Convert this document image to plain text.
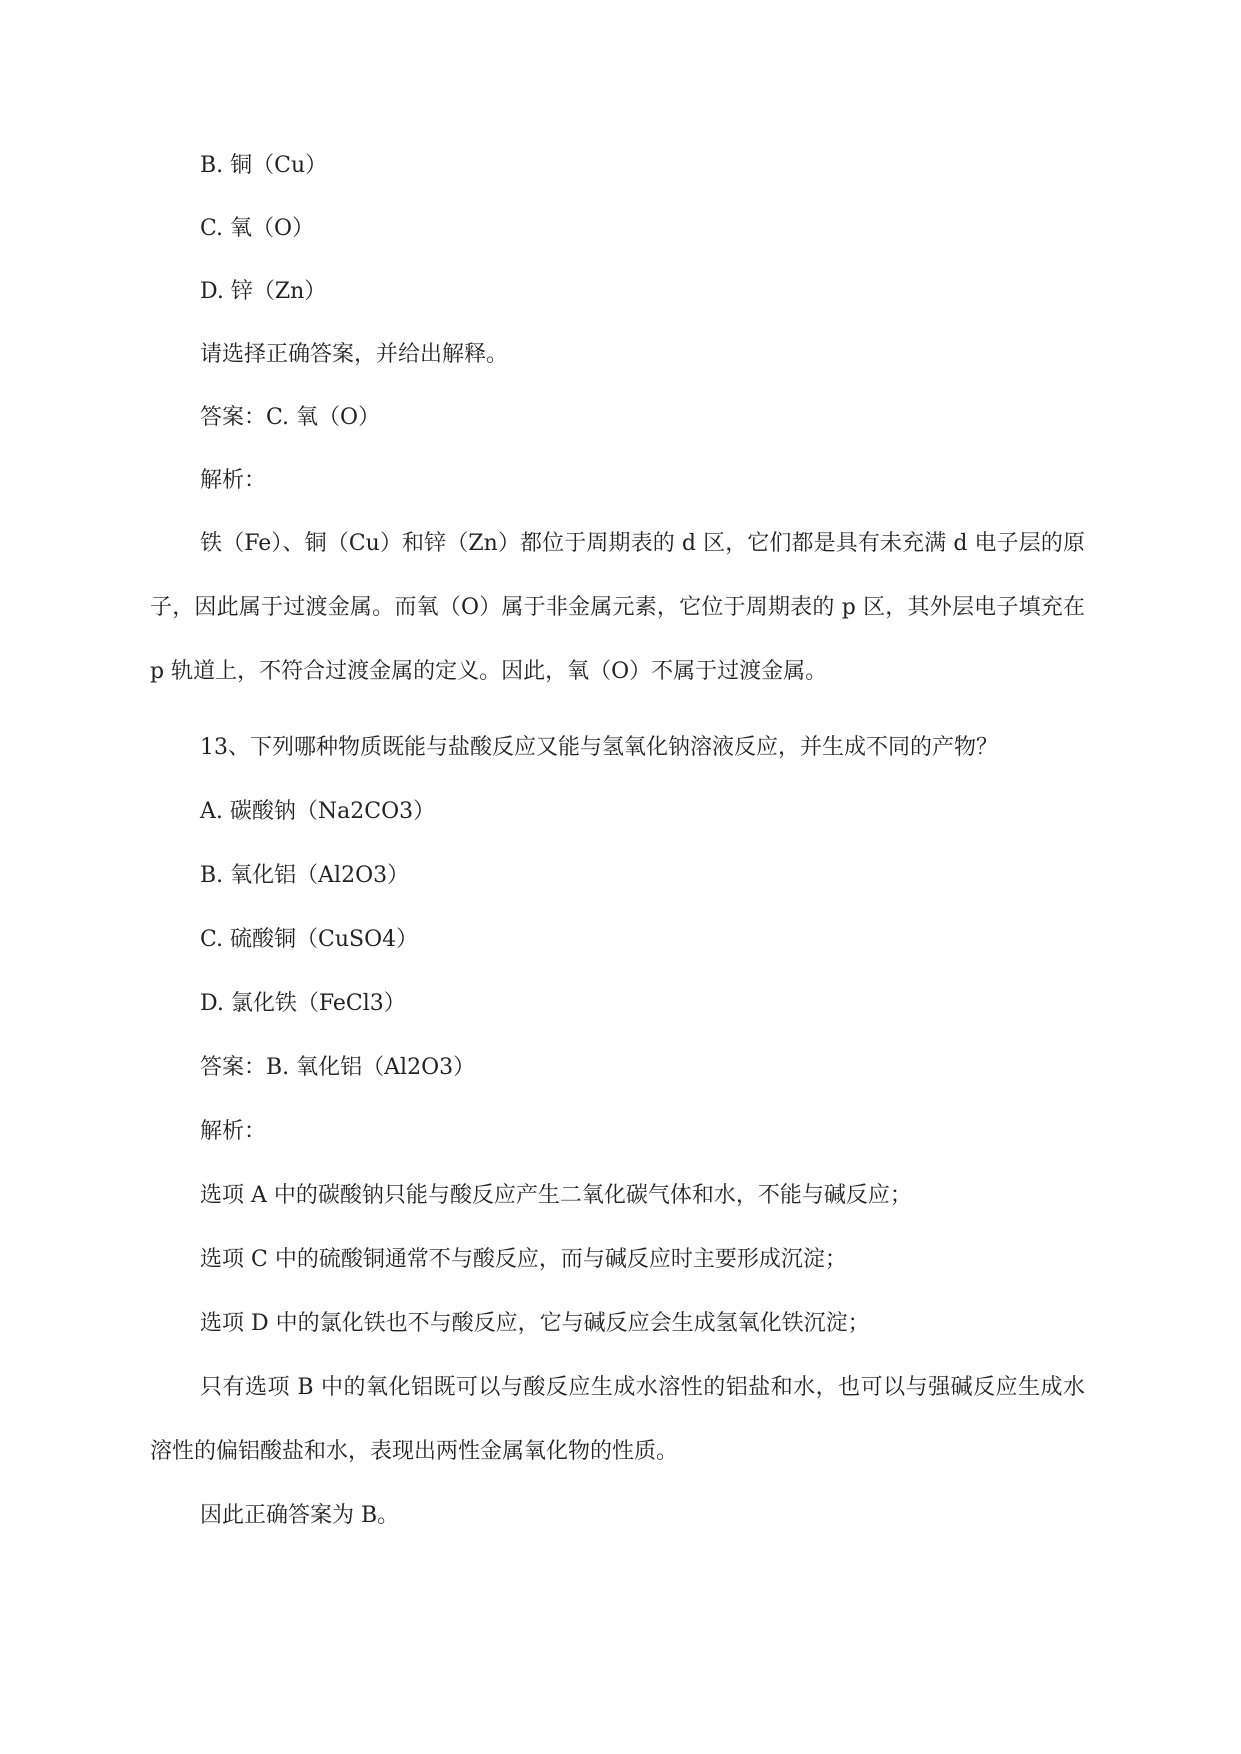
B. 铜（Cu）
C. 氧（O）
D. 锌（Zn）
请选择正确答案，并给出解释。
答案：C. 氧（O）
解析：
铁（Fe）、铜（Cu）和锌（Zn）都位于周期表的 d 区，它们都是具有未充满 d 电子层的原子，因此属于过渡金属。而氧（O）属于非金属元素，它位于周期表的 p 区，其外层电子填充在 p 轨道上，不符合过渡金属的定义。因此，氧（O）不属于过渡金属。
13、下列哪种物质既能与盐酸反应又能与氢氧化钠溶液反应，并生成不同的产物？
A. 碳酸钠（Na2CO3）
B. 氧化铝（Al2O3）
C. 硫酸铜（CuSO4）
D. 氯化铁（FeCl3）
答案：B. 氧化铝（Al2O3）
解析：
选项 A 中的碳酸钠只能与酸反应产生二氧化碳气体和水，不能与碱反应；
选项 C 中的硫酸铜通常不与酸反应，而与碱反应时主要形成沉淀；
选项 D 中的氯化铁也不与酸反应，它与碱反应会生成氢氧化铁沉淀；
只有选项 B 中的氧化铝既可以与酸反应生成水溶性的铝盐和水，也可以与强碱反应生成水溶性的偏铝酸盐和水，表现出两性金属氧化物的性质。
因此正确答案为 B。
